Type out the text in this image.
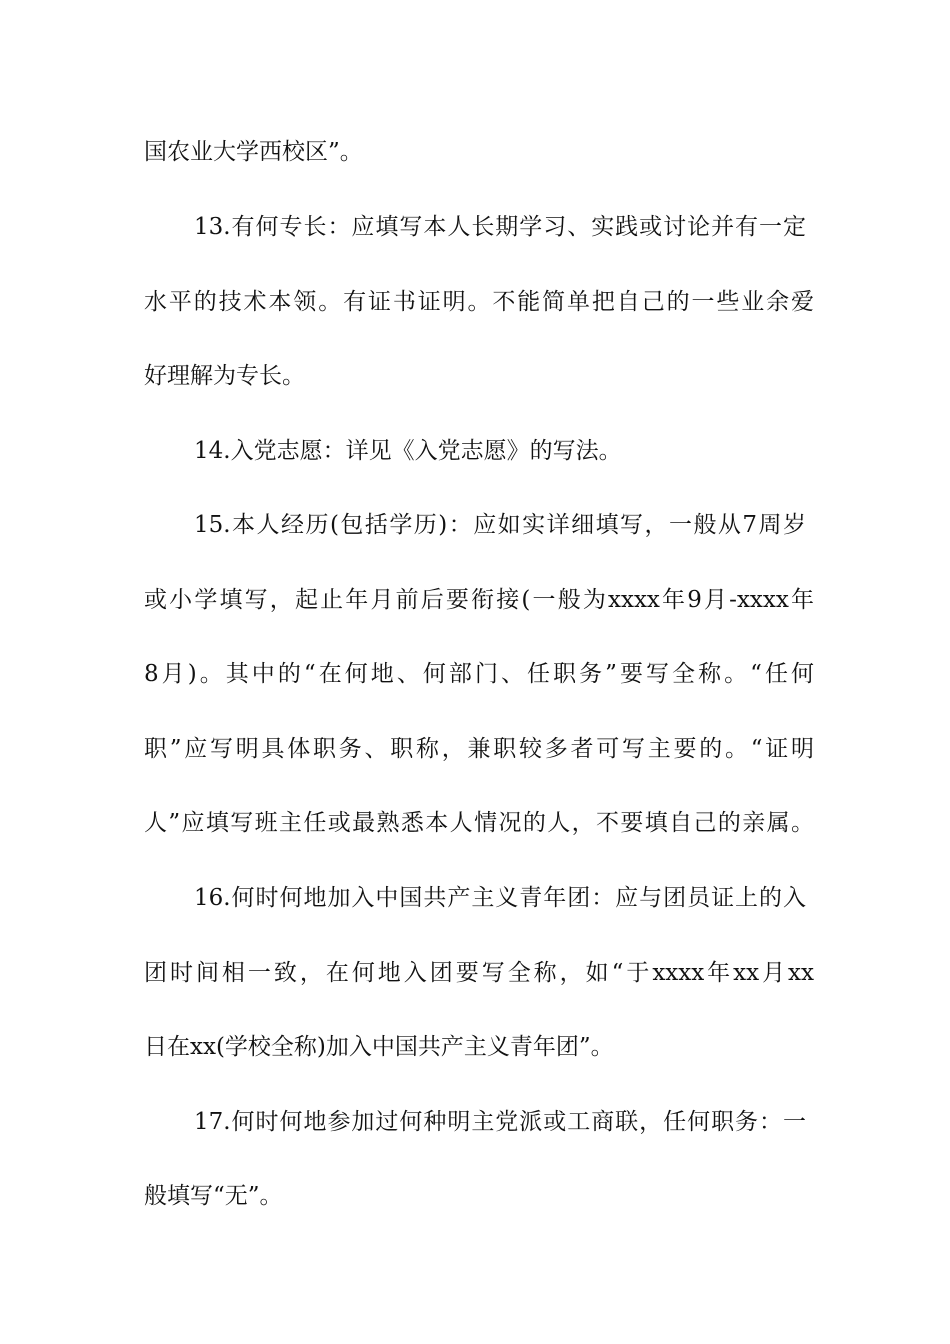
国农业大学西校区”。
13.有何专长：应填写本人长期学习、实践或讨论并有一定
水平的技术本领。有证书证明。不能简单把自己的一些业余爱
好理解为专长。
14.入党志愿：详见《入党志愿》的写法。
15.本人经历(包括学历)：应如实详细填写，一般从7周岁
或小学填写，起止年月前后要衔接(一般为xxxx年9月-xxxx年
8月)。其中的“在何地、何部门、任职务”要写全称。“任何
职”应写明具体职务、职称，兼职较多者可写主要的。“证明
人”应填写班主任或最熟悉本人情况的人，不要填自己的亲属。
16.何时何地加入中国共产主义青年团：应与团员证上的入
团时间相一致，在何地入团要写全称，如“于xxxx年xx月xx
日在xx(学校全称)加入中国共产主义青年团”。
17.何时何地参加过何种明主党派或工商联，任何职务：一
般填写“无”。
